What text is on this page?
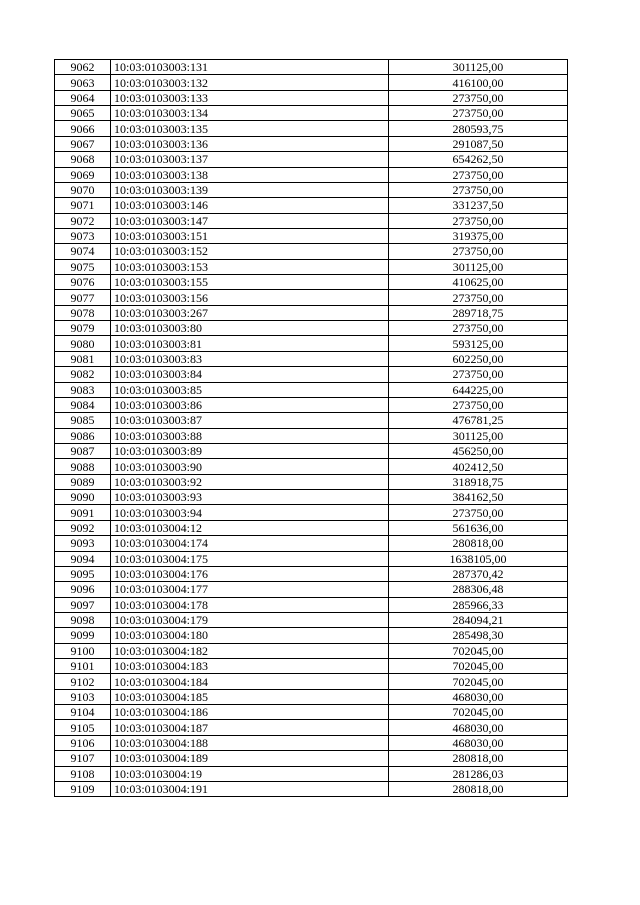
9062	10:03:0103003:131	301125,00
9063	10:03:0103003:132	416100,00
9064	10:03:0103003:133	273750,00
9065	10:03:0103003:134	273750,00
9066	10:03:0103003:135	280593,75
9067	10:03:0103003:136	291087,50
9068	10:03:0103003:137	654262,50
9069	10:03:0103003:138	273750,00
9070	10:03:0103003:139	273750,00
9071	10:03:0103003:146	331237,50
9072	10:03:0103003:147	273750,00
9073	10:03:0103003:151	319375,00
9074	10:03:0103003:152	273750,00
9075	10:03:0103003:153	301125,00
9076	10:03:0103003:155	410625,00
9077	10:03:0103003:156	273750,00
9078	10:03:0103003:267	289718,75
9079	10:03:0103003:80	273750,00
9080	10:03:0103003:81	593125,00
9081	10:03:0103003:83	602250,00
9082	10:03:0103003:84	273750,00
9083	10:03:0103003:85	644225,00
9084	10:03:0103003:86	273750,00
9085	10:03:0103003:87	476781,25
9086	10:03:0103003:88	301125,00
9087	10:03:0103003:89	456250,00
9088	10:03:0103003:90	402412,50
9089	10:03:0103003:92	318918,75
9090	10:03:0103003:93	384162,50
9091	10:03:0103003:94	273750,00
9092	10:03:0103004:12	561636,00
9093	10:03:0103004:174	280818,00
9094	10:03:0103004:175	1638105,00
9095	10:03:0103004:176	287370,42
9096	10:03:0103004:177	288306,48
9097	10:03:0103004:178	285966,33
9098	10:03:0103004:179	284094,21
9099	10:03:0103004:180	285498,30
9100	10:03:0103004:182	702045,00
9101	10:03:0103004:183	702045,00
9102	10:03:0103004:184	702045,00
9103	10:03:0103004:185	468030,00
9104	10:03:0103004:186	702045,00
9105	10:03:0103004:187	468030,00
9106	10:03:0103004:188	468030,00
9107	10:03:0103004:189	280818,00
9108	10:03:0103004:19	281286,03
9109	10:03:0103004:191	280818,00
